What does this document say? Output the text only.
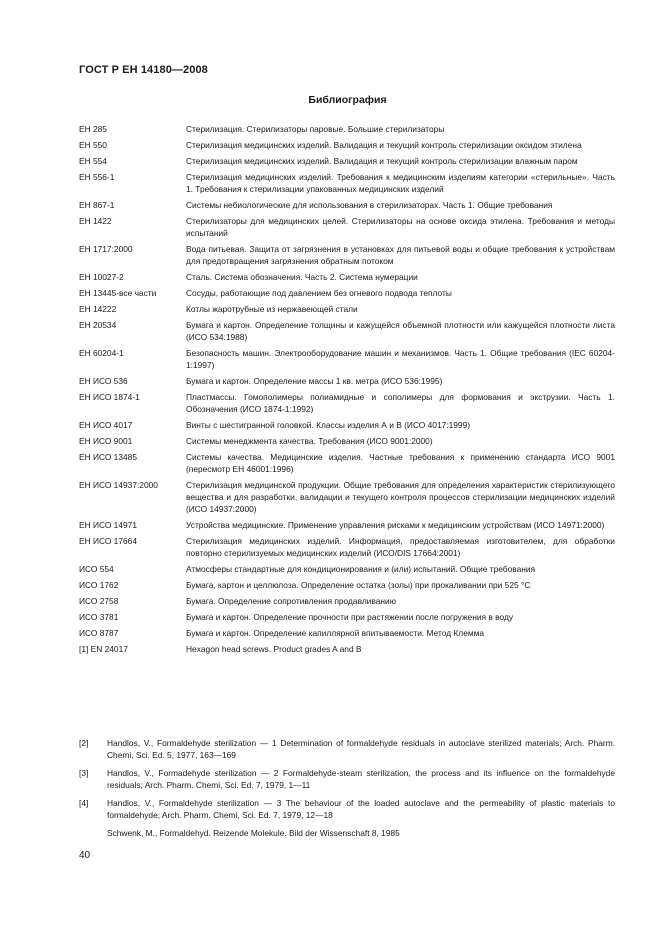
ГОСТ Р ЕН 14180—2008
Библиография
ЕН 285	Стерилизация. Стерилизаторы паровые. Большие стерилизаторы
ЕН 550	Стерилизация медицинских изделий. Валидация и текущий контроль стерилизации оксидом этилена
ЕН 554	Стерилизация медицинских изделий. Валидация и текущий контроль стерилизации влажным паром
ЕН 556-1	Стерилизация медицинских изделий. Требования к медицинским изделиям категории «стерильные». Часть 1. Требования к стерилизации упакованных медицинских изделий
ЕН 867-1	Системы небиологические для использования в стерилизаторах. Часть 1. Общие требования
ЕН 1422	Стерилизаторы для медицинских целей. Стерилизаторы на основе оксида этилена. Требования и методы испытаний
ЕН 1717:2000	Вода питьевая. Защита от загрязнения в установках для питьевой воды и общие требования к устройствам для предотвращения загрязнения обратным потоком
ЕН 10027-2	Сталь. Система обозначения. Часть 2. Система нумерации
ЕН 13445-все части	Сосуды, работающие под давлением без огневого подвода теплоты
ЕН 14222	Котлы жаротрубные из нержавеющей стали
ЕН 20534	Бумага и картон. Определение толщины и кажущейся объемной плотности или кажущейся плотности листа (ИСО 534:1988)
ЕН 60204-1	Безопасность машин. Электрооборудование машин и механизмов. Часть 1. Общие требования (IEC 60204-1:1997)
ЕН ИСО 536	Бумага и картон. Определение массы 1 кв. метра (ИСО 536:1995)
ЕН ИСО 1874-1	Пластмассы. Гомополимеры полиамидные и сополимеры для формования и экструзии. Часть 1. Обозначения (ИСО 1874-1:1992)
ЕН ИСО 4017	Винты с шестигранной головкой. Классы изделия А и В (ИСО 4017:1999)
ЕН ИСО 9001	Системы менеджмента качества. Требования (ИСО 9001:2000)
ЕН ИСО 13485	Системы качества. Медицинские изделия. Частные требования к применению стандарта ИСО 9001 (пересмотр ЕН 46001:1996)
ЕН ИСО 14937:2000	Стерилизация медицинской продукции. Общие требования для определения характеристик стерилизующего вещества и для разработки, валидации и текущего контроля процессов стерилизации медицинских изделий (ИСО 14937:2000)
ЕН ИСО 14971	Устройства медицинские. Применение управления рисками к медицинским устройствам (ИСО 14971:2000)
ЕН ИСО 17664	Стерилизация медицинских изделий. Информация, предоставляемая изготовителем, для обработки повторно стерилизуемых медицинских изделий (ИСО/DIS 17664:2001)
ИСО 554	Атмосферы стандартные для кондиционирования и (или) испытаний. Общие требования
ИСО 1762	Бумага, картон и целлюлоза. Определение остатка (золы) при прокаливании при 525 °С
ИСО 2758	Бумага. Определение сопротивления продавливанию
ИСО 3781	Бумага и картон. Определение прочности при растяжении после погружения в воду
ИСО 8787	Бумага и картон. Определение капиллярной впитываемости. Метод Клемма
[1] EN 24017	Hexagon head screws. Product grades A and B
[2]	Handlos, V., Formaldehyde sterilization — 1 Determination of formaldehyde residuals in autoclave sterilized materials; Arch. Pharm. Chemi, Sci. Ed. 5, 1977, 163—169
[3]	Handlos, V., Formadehyde sterilization — 2 Formaldehyde-steam sterilization, the process and its influence on the formaldehyde residuals; Arch. Pharm. Chemi, Sci. Ed. 7, 1979, 1—11
[4]	Handlos, V., Formaldehyde sterilization — 3 The behaviour of the loaded autoclave and the permeability of plastic materials to formaldehyde; Arch. Pharm. Chemi, Sci. Ed. 7, 1979, 12—18
Schwenk, M., Formaldehyd. Reizende Molekule. Bild der Wissenschaft 8, 1985
40
